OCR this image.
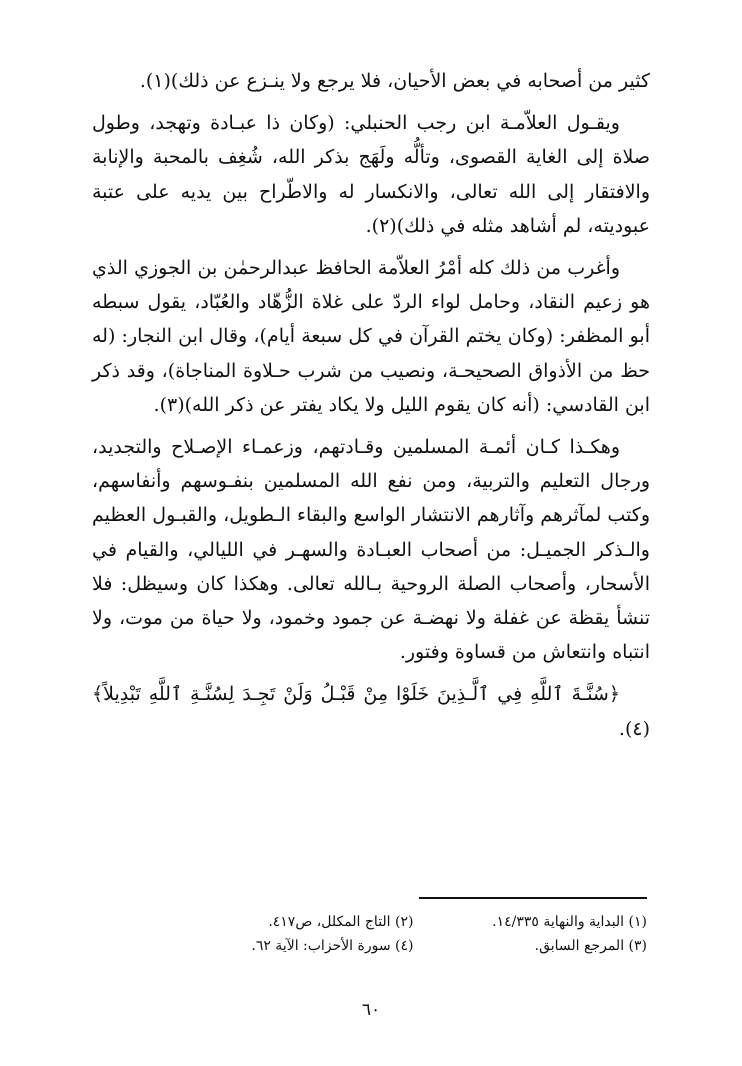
كثير من أصحابه في بعض الأحيان، فلا يرجع ولا ينـزع عن ذلك)(١).

ويقـول العلاّمـة ابن رجب الحنبلي: (وكان ذا عبـادة وتهجد، وطول صلاة إلى الغاية القصوى، وتألُّه ولَهَج بذكر الله، شُغِف بالمحبة والإنابة والافتقار إلى الله تعالى، والانكسار له والاطّراح بين يديه على عتبة عبوديته، لم أشاهد مثله في ذلك)(٢).

وأغرب من ذلك كله أمْرُ العلاّمة الحافظ عبدالرحمٰن بن الجوزي الذي هو زعيم النقاد، وحامل لواء الردّ على غلاة الزُّهّاد والعُبّاد، يقول سبطه أبو المظفر: (وكان يختم القرآن في كل سبعة أيام)، وقال ابن النجار: (له حظ من الأذواق الصحيحـة، ونصيب من شرب حـلاوة المناجاة)، وقد ذكر ابن القادسي: (أنه كان يقوم الليل ولا يكاد يفتر عن ذكر الله)(٣).

وهكـذا كـان أئمـة المسلمين وقـادتهم، وزعمـاء الإصـلاح والتجديد، ورجال التعليم والتربية، ومن نفع الله المسلمين بنفـوسهم وأنفاسهم، وكتب لمآثرهم وآثارهم الانتشار الواسع والبقاء الـطويل، والقبـول العظيم والـذكر الجميـل: من أصحاب العبـادة والسهـر في الليالي، والقيام في الأسحار، وأصحاب الصلة الروحية بـالله تعالى. وهكذا كان وسيظل: فلا تنشأ يقظة عن غفلة ولا نهضـة عن جمود وخمود، ولا حياة من موت، ولا انتباه وانتعاش من قساوة وفتور.

﴿سُنَّـةَ ٱللَّهِ فِي ٱلَّـذِينَ خَلَوْا مِنْ قَبْـلُ وَلَنْ تَجِـدَ لِسُنَّـةِ ٱللَّهِ تَبْدِيلاً﴾(٤).

(١) البداية والنهاية ١٤/٣٣٥.
(٢) التاج المكلل، ص٤١٧.
(٣) المرجع السابق.
(٤) سورة الأحزاب: الآية ٦٢.
٦٠
